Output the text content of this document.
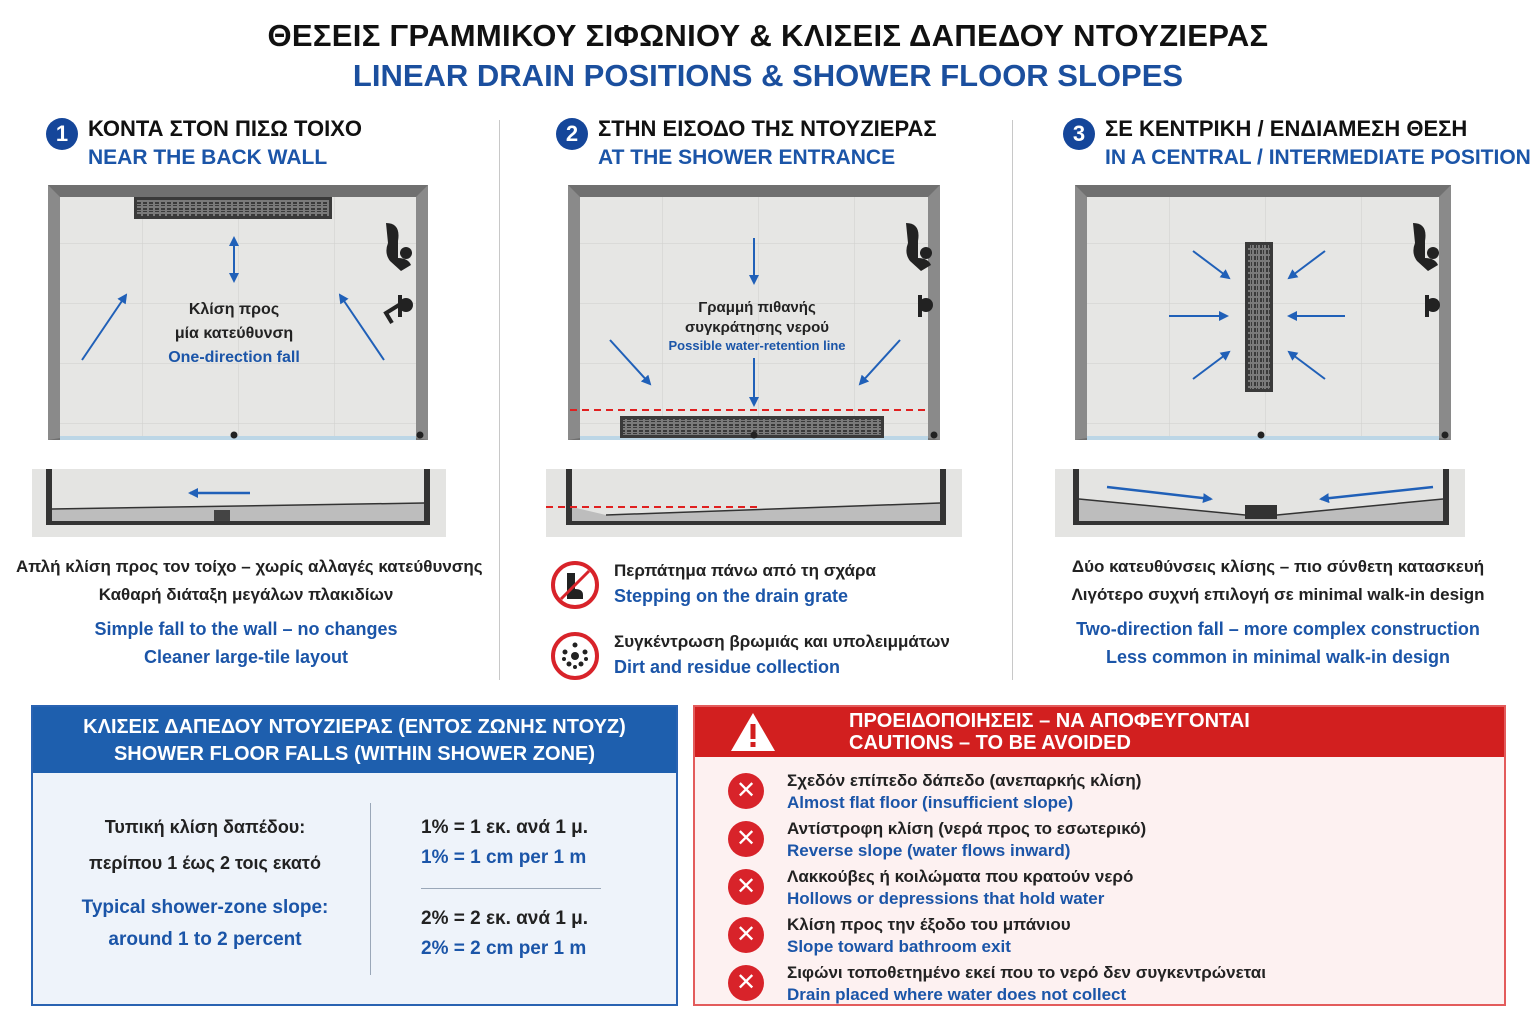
ΘΕΣΕΙΣ ΓΡΑΜΜΙΚΟΥ ΣΙΦΩΝΙΟΥ & ΚΛΙΣΕΙΣ ΔΑΠΕΔΟΥ ΝΤΟΥΖΙΕΡΑΣ
LINEAR DRAIN POSITIONS & SHOWER FLOOR SLOPES
1 ΚΟΝΤΑ ΣΤΟΝ ΠΙΣΩ ΤΟΙΧΟ
NEAR THE BACK WALL
Κλίση προς
μία κατεύθυνση
One-direction fall
Απλή κλίση προς τον τοίχο – χωρίς αλλαγές κατεύθυνσης
Καθαρή διάταξη μεγάλων πλακιδίων
Simple fall to the wall – no changes
Cleaner large-tile layout
2 ΣΤΗΝ ΕΙΣΟΔΟ ΤΗΣ ΝΤΟΥΖΙΕΡΑΣ
AT THE SHOWER ENTRANCE
Γραμμή πιθανής
συγκράτησης νερού
Possible water-retention line
Περπάτημα πάνω από τη σχάρα
Stepping on the drain grate
Συγκέντρωση βρωμιάς και υπολειμμάτων
Dirt and residue collection
3 ΣΕ ΚΕΝΤΡΙΚΗ / ΕΝΔΙΑΜΕΣΗ ΘΕΣΗ
IN A CENTRAL / INTERMEDIATE POSITION
Δύο κατευθύνσεις κλίσης – πιο σύνθετη κατασκευή
Λιγότερο συχνή επιλογή σε minimal walk-in design
Two-direction fall – more complex construction
Less common in minimal walk-in design
ΚΛΙΣΕΙΣ ΔΑΠΕΔΟΥ ΝΤΟΥΖΙΕΡΑΣ (ΕΝΤΟΣ ΖΩΝΗΣ ΝΤΟΥΖ)
SHOWER FLOOR FALLS (WITHIN SHOWER ZONE)
Τυπική κλίση δαπέδου:
περίπου 1 έως 2 τοις εκατό
Typical shower-zone slope:
around 1 to 2 percent
1% = 1 εκ. ανά 1 μ.
1% = 1 cm per 1 m
2% = 2 εκ. ανά 1 μ.
2% = 2 cm per 1 m
ΠΡΟΕΙΔΟΠΟΙΗΣΕΙΣ – ΝΑ ΑΠΟΦΕΥΓΟΝΤΑΙ
CAUTIONS – TO BE AVOIDED
✕	Σχεδόν επίπεδο δάπεδο (ανεπαρκής κλίση)
Almost flat floor (insufficient slope)
✕	Αντίστροφη κλίση (νερά προς το εσωτερικό)
Reverse slope (water flows inward)
✕	Λακκούβες ή κοιλώματα που κρατούν νερό
Hollows or depressions that hold water
✕	Κλίση προς την έξοδο του μπάνιου
Slope toward bathroom exit
✕	Σιφώνι τοποθετημένο εκεί που το νερό δεν συγκεντρώνεται
Drain placed where water does not collect
